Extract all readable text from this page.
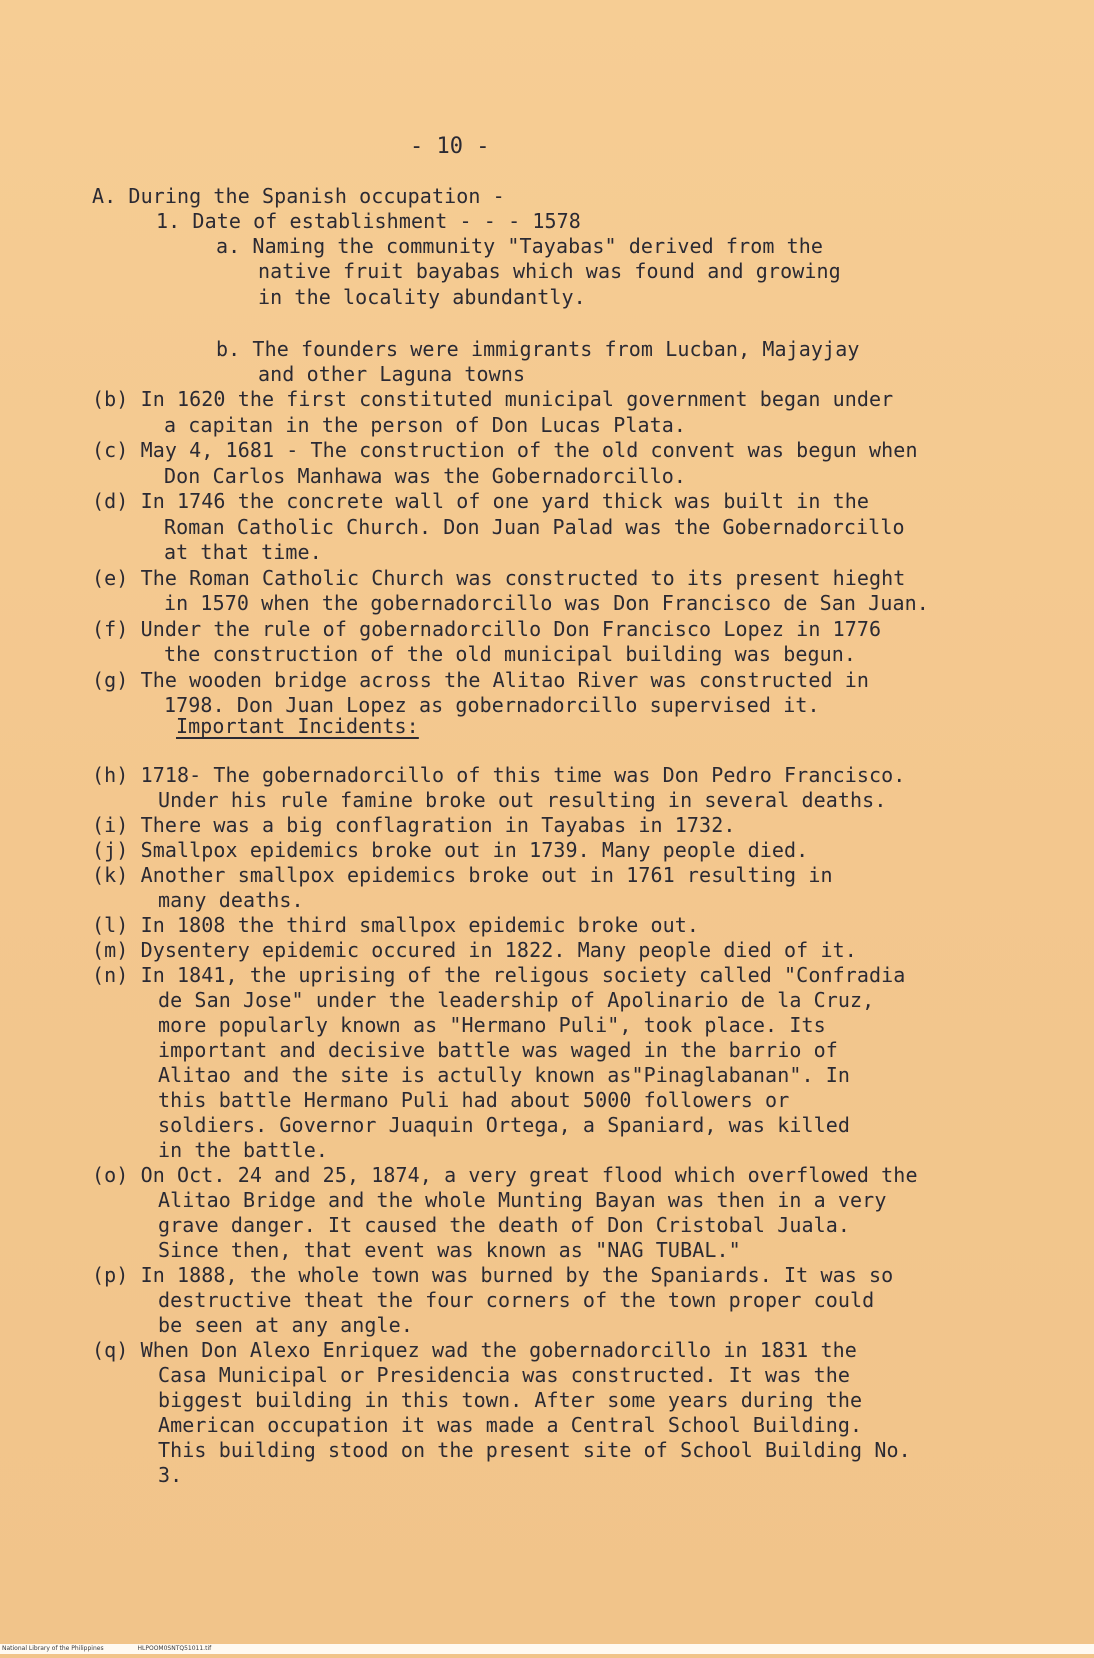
- 10 -
A. During the Spanish occupation -
1. Date of establishment - - - 1578
a. Naming the community "Tayabas" derived from the
native fruit bayabas which was found and growing
in the locality abundantly.
b. The founders were immigrants from Lucban, Majayjay
and other Laguna towns
(b) In 1620 the first constituted municipal government began under
a capitan in the person of Don Lucas Plata.
(c) May 4, 1681 - The construction of the old convent was begun when
Don Carlos Manhawa was the Gobernadorcillo.
(d) In 1746 the concrete wall of one yard thick was built in the
Roman Catholic Church. Don Juan Palad was the Gobernadorcillo
at that time.
(e) The Roman Catholic Church was constructed to its present hieght
in 1570 when the gobernadorcillo was Don Francisco de San Juan.
(f) Under the rule of gobernadorcillo Don Francisco Lopez in 1776
the construction of the old municipal building was begun.
(g) The wooden bridge across the Alitao River was constructed in
1798. Don Juan Lopez as gobernadorcillo supervised it.
Important Incidents:
(h) 1718- The gobernadorcillo of this time was Don Pedro Francisco.
Under his rule famine broke out resulting in several deaths.
(i) There was a big conflagration in Tayabas in 1732.
(j) Smallpox epidemics broke out in 1739. Many people died.
(k) Another smallpox epidemics broke out in 1761 resulting in
many deaths.
(l) In 1808 the third smallpox epidemic broke out.
(m) Dysentery epidemic occured in 1822. Many people died of it.
(n) In 1841, the uprising of the religous society called "Confradia
de San Jose" under the leadership of Apolinario de la Cruz,
more popularly known as "Hermano Puli", took place. Its
important and decisive battle was waged in the barrio of
Alitao and the site is actully known as"Pinaglabanan". In
this battle Hermano Puli had about 5000 followers or
soldiers. Governor Juaquin Ortega, a Spaniard, was killed
in the battle.
(o) On Oct. 24 and 25, 1874, a very great flood which overflowed the
Alitao Bridge and the whole Munting Bayan was then in a very
grave danger. It caused the death of Don Cristobal Juala.
Since then, that event was known as "NAG TUBAL."
(p) In 1888, the whole town was burned by the Spaniards. It was so
destructive theat the four corners of the town proper could
be seen at any angle.
(q) When Don Alexo Enriquez wad the gobernadorcillo in 1831 the
Casa Municipal or Presidencia was constructed. It was the
biggest building in this town. After some years during the
American occupation it was made a Central School Building.
This building stood on the present site of School Building No.
3.
National Library of the Philippines	HLPOOM0SNTQ51011.tif
